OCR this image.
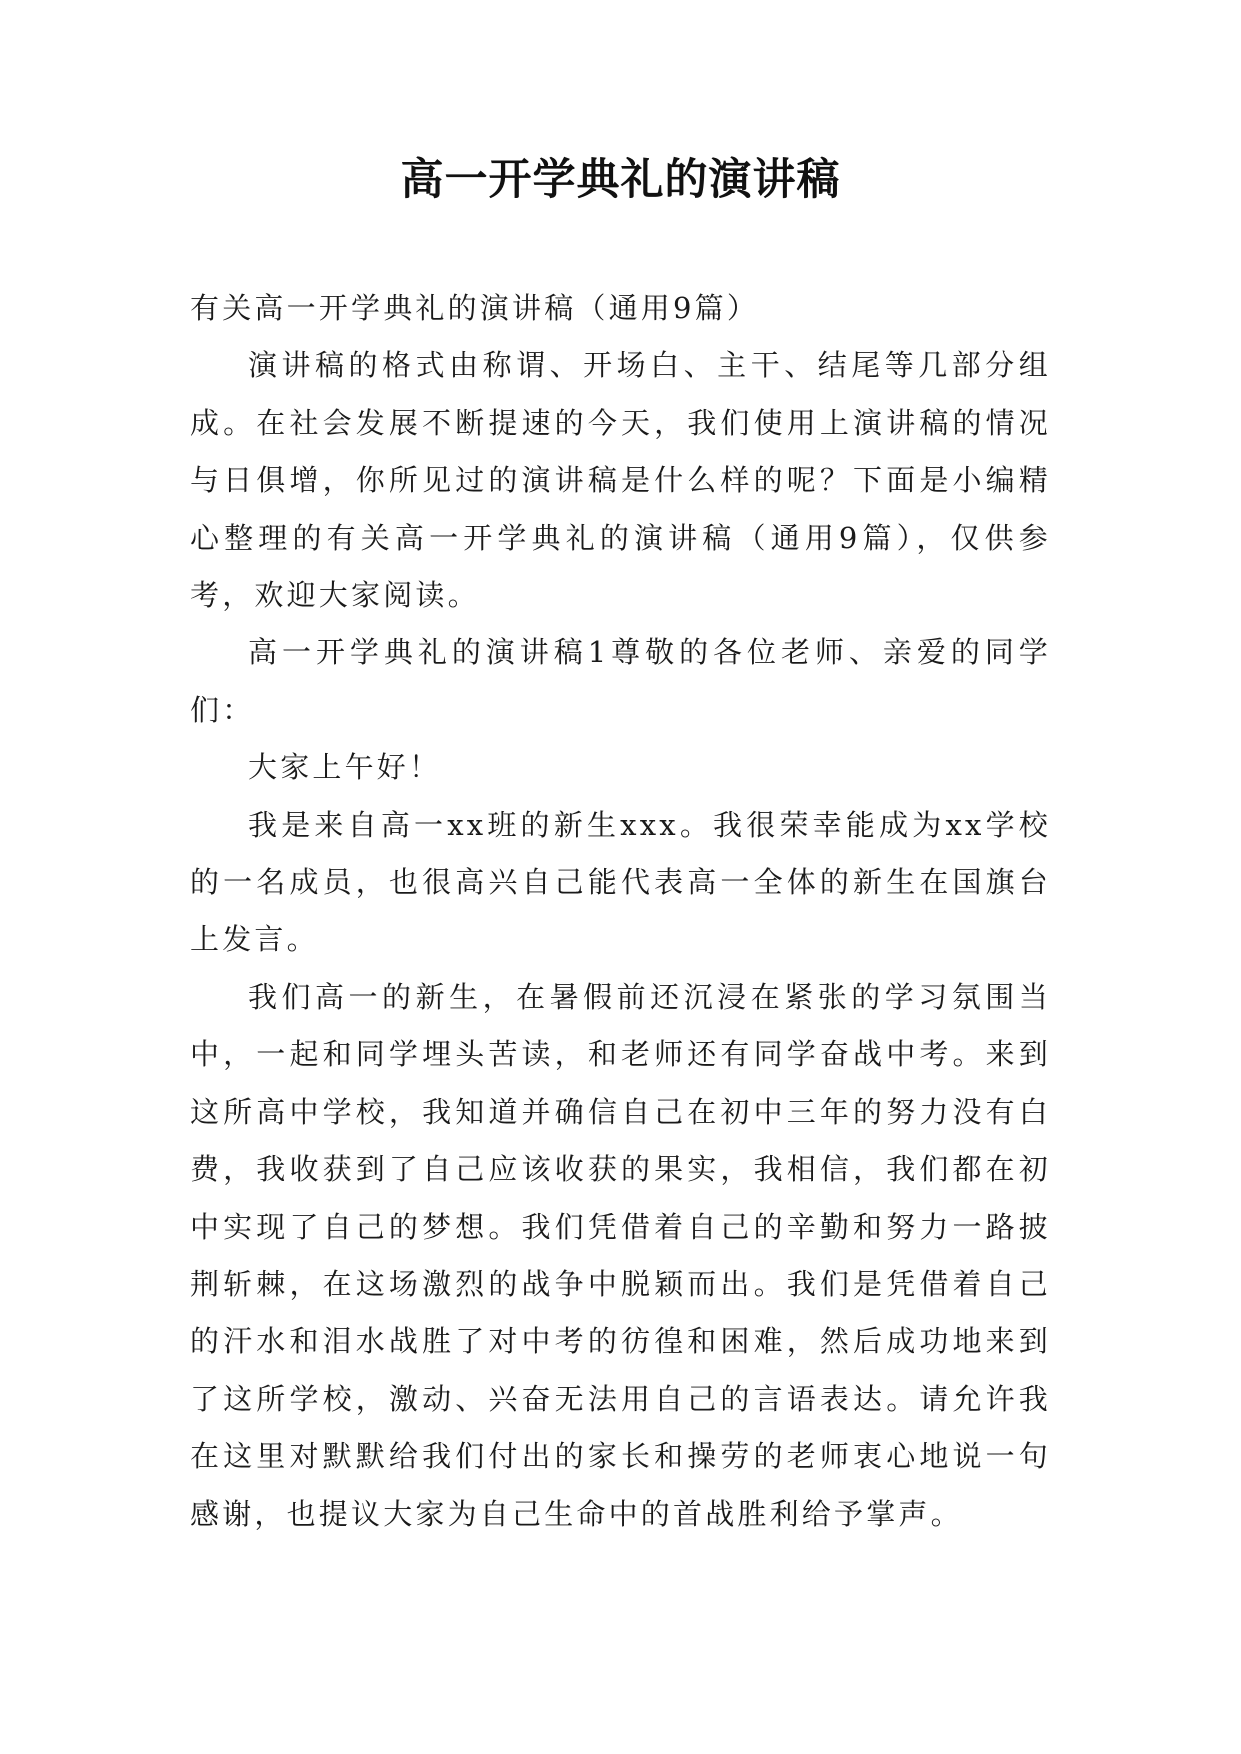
高一开学典礼的演讲稿

有关高一开学典礼的演讲稿（通用9篇）

演讲稿的格式由称谓、开场白、主干、结尾等几部分组成。在社会发展不断提速的今天，我们使用上演讲稿的情况与日俱增，你所见过的演讲稿是什么样的呢？下面是小编精心整理的有关高一开学典礼的演讲稿（通用9篇），仅供参考，欢迎大家阅读。

高一开学典礼的演讲稿1尊敬的各位老师、亲爱的同学们：

大家上午好！

我是来自高一xx班的新生xxx。我很荣幸能成为xx学校的一名成员，也很高兴自己能代表高一全体的新生在国旗台上发言。

我们高一的新生，在暑假前还沉浸在紧张的学习氛围当中，一起和同学埋头苦读，和老师还有同学奋战中考。来到这所高中学校，我知道并确信自己在初中三年的努力没有白费，我收获到了自己应该收获的果实，我相信，我们都在初中实现了自己的梦想。我们凭借着自己的辛勤和努力一路披荆斩棘，在这场激烈的战争中脱颖而出。我们是凭借着自己的汗水和泪水战胜了对中考的彷徨和困难，然后成功地来到了这所学校，激动、兴奋无法用自己的言语表达。请允许我在这里对默默给我们付出的家长和操劳的老师衷心地说一句感谢，也提议大家为自己生命中的首战胜利给予掌声。
